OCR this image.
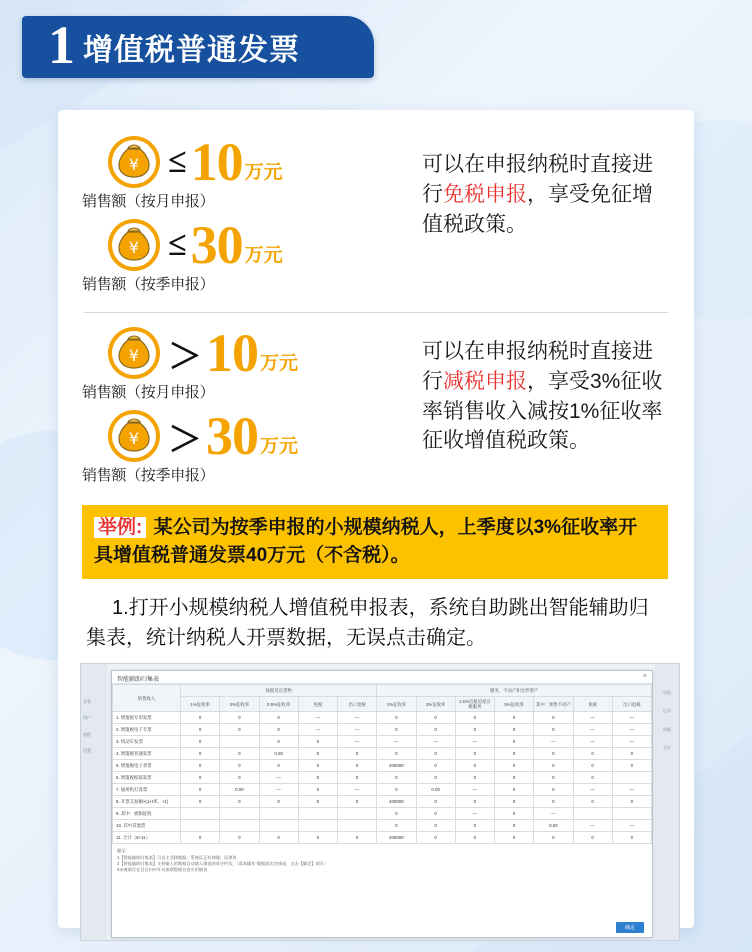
1 增值税普通发票
¥ ≤ 10 万元
销售额（按月申报）
¥ ≤ 30 万元
销售额（按季申报）
可以在申报纳税时直接进行免税申报，享受免征增值税政策。
¥ ＞ 10 万元
销售额（按月申报）
¥ ＞ 30 万元
销售额（按季申报）
可以在申报纳税时直接进行减税申报，享受3%征收率销售收入减按1%征收率征收增值税政策。
举例: 某公司为按季申报的小规模纳税人，上季度以3%征收率开具增值税普通发票40万元（不含税）。
1.打开小规模纳税人增值税申报表，系统自助跳出智能辅助归集表，统计纳税人开票数据，无误点击确定。
业务
用户
流程
设置
申报
记录
明细
合计
智能辅助归集表	×
销售收入	按税反应货物					服务、不动产和无形资产						
	1%征收率	3%征收率	0.5%征收率	免税	出口退税	1%征收率	3%征收率	1.5%出租房屋应税服务	5%征收率	其中：预售不动产	免税	出口退税
1. 增值税专用发票	0	0	0	—	—	0	0	0	0	0	—	—
2. 增值税电子专票	0	0	0	—	—	0	0	0	0	0	—	—
3. 机动车发票	0		0	0	—	—	—	—	0	—	—	—
4. 增值税普通发票	0	0	0.00	0	0	0	0	0	0	0	0	0
5. 增值税电子普票	0	0	0	0	0	400000	0	0	0	0	0	0
6. 增值税纸质发票	0	0	—	0	0	0	0	0	0	0	0	
7. 通用机打发票	0	0.00	—	0	—	0	0.00	—	0	0	—	—
8. 开票交易额×(1+t率、+1)	0	0	0	0	0	400000	0	0	0	0	0	0
9. 其中：被限征收						0	0	—	0	—		
10. 其中其他票						0	0	0	0	0.00	—	—
11. 合计（6+11）	0	0	0	0	0	400000	0	0	0	0	0	0
提示：
1【智能辅助归集表】可自主活移数据，系统反正有伸理，仅供用
2【智能辅助归集表】支持输入的数据自动填入填表的对应栏次，（需本操作·数据前次完成成，点击【确定】即可）
3未被填写在目目妇中开具加票数据自由应用填表
确定
